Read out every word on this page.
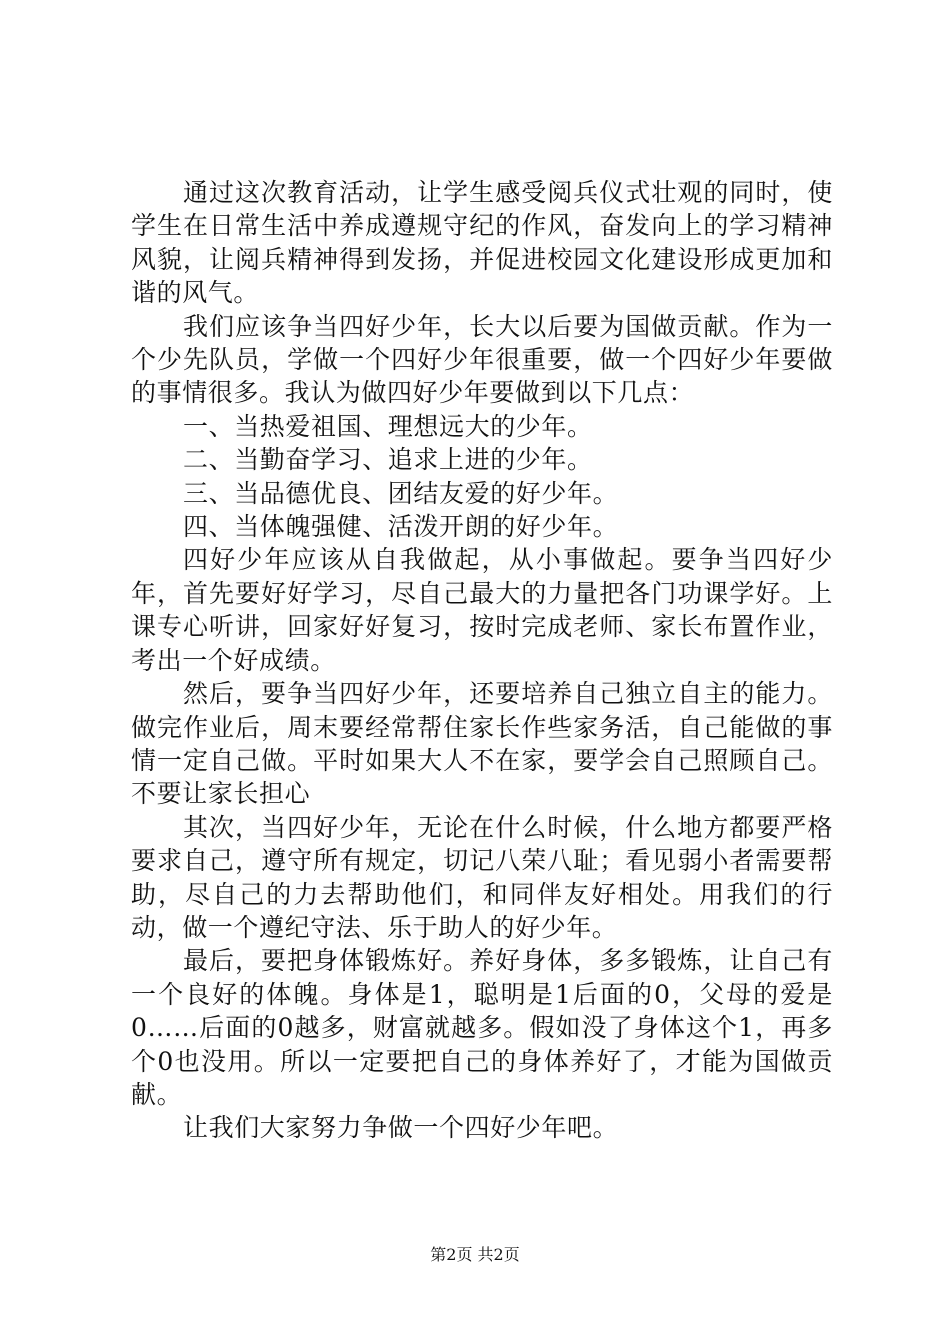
通过这次教育活动，让学生感受阅兵仪式壮观的同时，使学生在日常生活中养成遵规守纪的作风，奋发向上的学习精神风貌，让阅兵精神得到发扬，并促进校园文化建设形成更加和谐的风气。

我们应该争当四好少年，长大以后要为国做贡献。作为一个少先队员，学做一个四好少年很重要，做一个四好少年要做的事情很多。我认为做四好少年要做到以下几点：

一、当热爱祖国、理想远大的少年。

二、当勤奋学习、追求上进的少年。

三、当品德优良、团结友爱的好少年。

四、当体魄强健、活泼开朗的好少年。

四好少年应该从自我做起，从小事做起。要争当四好少年，首先要好好学习，尽自己最大的力量把各门功课学好。上课专心听讲，回家好好复习，按时完成老师、家长布置作业，考出一个好成绩。

然后，要争当四好少年，还要培养自己独立自主的能力。做完作业后，周末要经常帮住家长作些家务活，自己能做的事情一定自己做。平时如果大人不在家，要学会自己照顾自己。不要让家长担心

其次，当四好少年，无论在什么时候，什么地方都要严格要求自己，遵守所有规定，切记八荣八耻；看见弱小者需要帮助，尽自己的力去帮助他们，和同伴友好相处。用我们的行动，做一个遵纪守法、乐于助人的好少年。

最后，要把身体锻炼好。养好身体，多多锻炼，让自己有一个良好的体魄。身体是1，聪明是1后面的0，父母的爱是0……后面的0越多，财富就越多。假如没了身体这个1，再多个0也没用。所以一定要把自己的身体养好了，才能为国做贡献。

让我们大家努力争做一个四好少年吧。

第2页 共2页
